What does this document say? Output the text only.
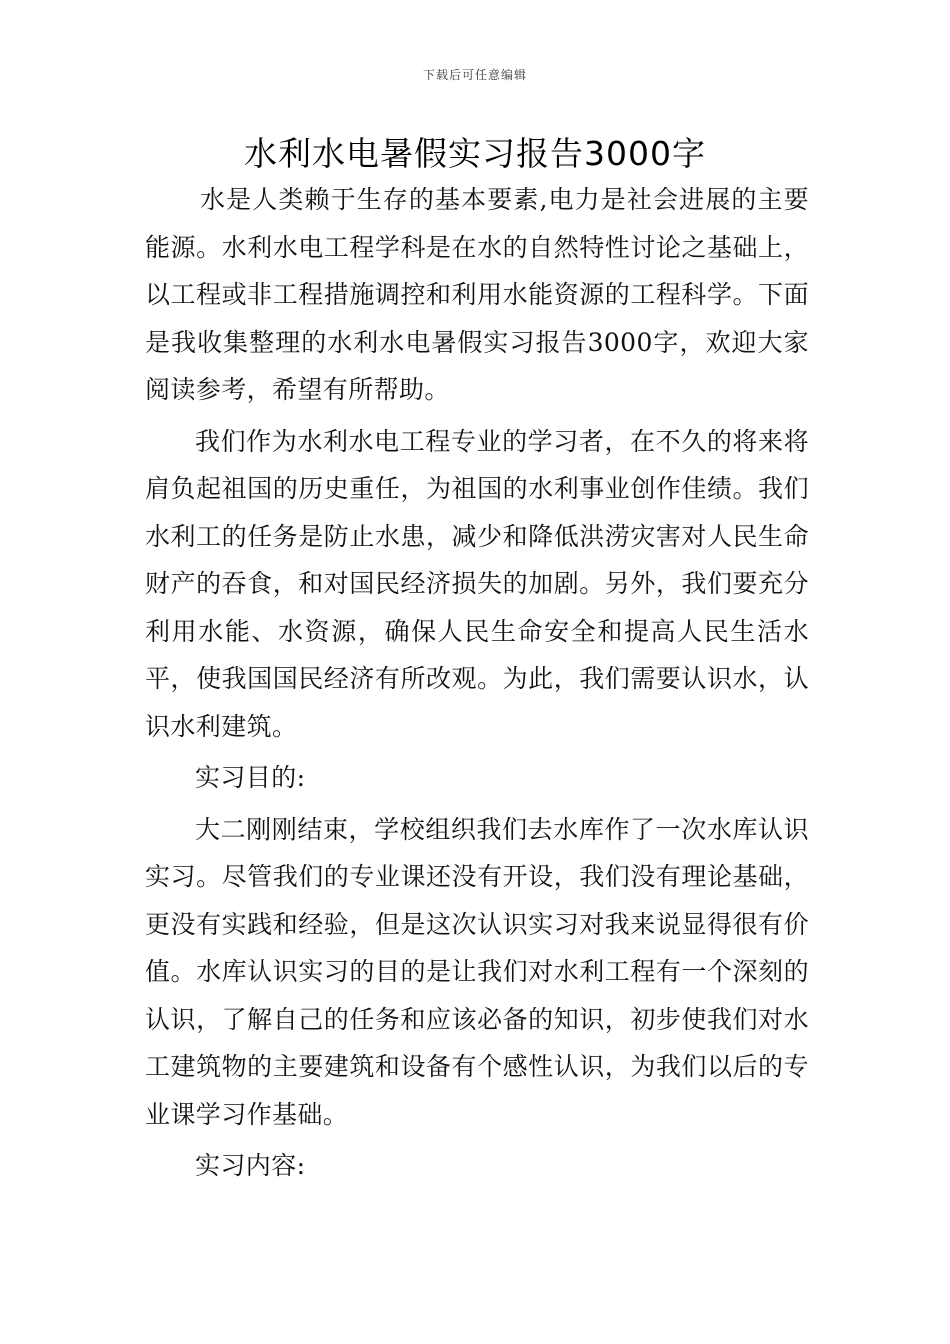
下载后可任意编辑
水利水电暑假实习报告3000字

水是人类赖于生存的基本要素,电力是社会进展的主要能源。水利水电工程学科是在水的自然特性讨论之基础上，以工程或非工程措施调控和利用水能资源的工程科学。下面是我收集整理的水利水电暑假实习报告3000字，欢迎大家阅读参考，希望有所帮助。

我们作为水利水电工程专业的学习者，在不久的将来将肩负起祖国的历史重任，为祖国的水利事业创作佳绩。我们水利工的任务是防止水患，减少和降低洪涝灾害对人民生命财产的吞食，和对国民经济损失的加剧。另外，我们要充分利用水能、水资源，确保人民生命安全和提高人民生活水平，使我国国民经济有所改观。为此，我们需要认识水，认识水利建筑。

实习目的:

大二刚刚结束，学校组织我们去水库作了一次水库认识实习。尽管我们的专业课还没有开设，我们没有理论基础，更没有实践和经验，但是这次认识实习对我来说显得很有价值。水库认识实习的目的是让我们对水利工程有一个深刻的认识，了解自己的任务和应该必备的知识，初步使我们对水工建筑物的主要建筑和设备有个感性认识，为我们以后的专业课学习作基础。

实习内容:
